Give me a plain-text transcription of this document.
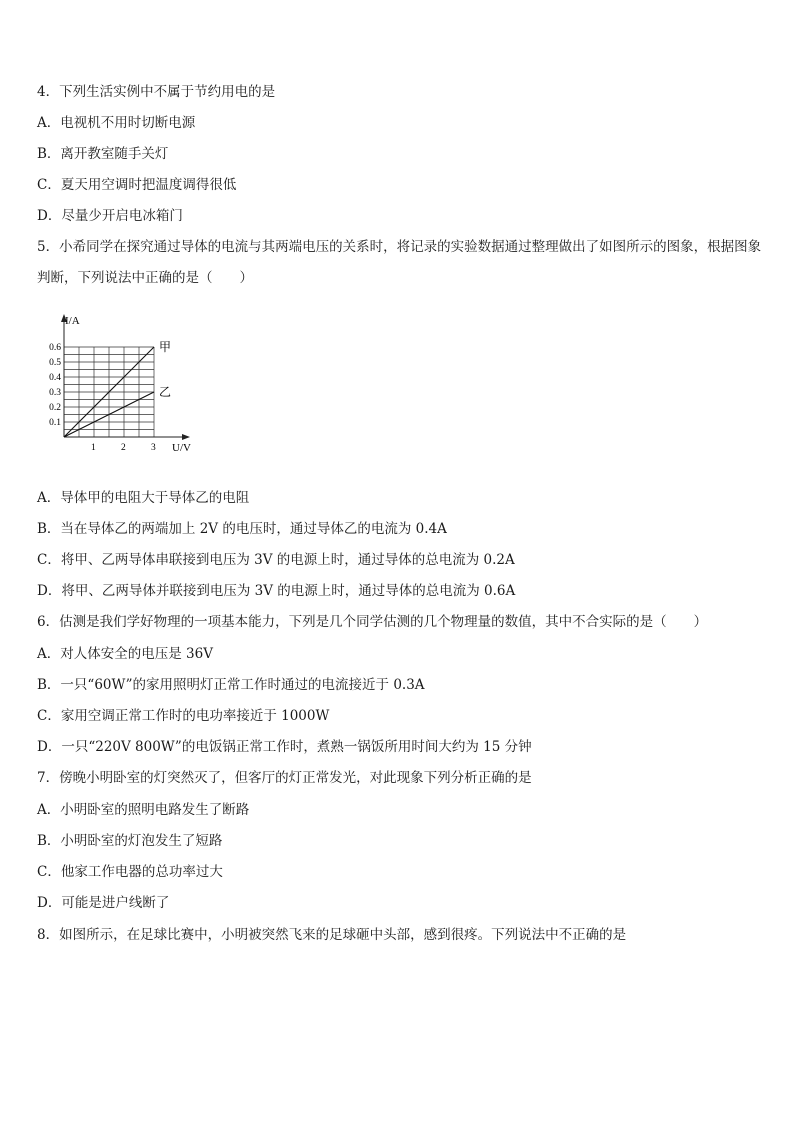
4．下列生活实例中不属于节约用电的是
A．电视机不用时切断电源
B．离开教室随手关灯
C．夏天用空调时把温度调得很低
D．尽量少开启电冰箱门
5．小希同学在探究通过导体的电流与其两端电压的关系时，将记录的实验数据通过整理做出了如图所示的图象，根据图象判断，下列说法中正确的是（　　）
I/A
U/V
1	2	3
0.1
0.2
0.3
0.4
0.5
0.6	甲
乙
A．导体甲的电阻大于导体乙的电阻
B．当在导体乙的两端加上 2V 的电压时，通过导体乙的电流为 0.4A
C．将甲、乙两导体串联接到电压为 3V 的电源上时，通过导体的总电流为 0.2A
D．将甲、乙两导体并联接到电压为 3V 的电源上时，通过导体的总电流为 0.6A
6．估测是我们学好物理的一项基本能力，下列是几个同学估测的几个物理量的数值，其中不合实际的是（　　）
A．对人体安全的电压是 36V
B．一只“60W”的家用照明灯正常工作时通过的电流接近于 0.3A
C．家用空调正常工作时的电功率接近于 1000W
D．一只“220V 800W”的电饭锅正常工作时，煮熟一锅饭所用时间大约为 15 分钟
7．傍晚小明卧室的灯突然灭了，但客厅的灯正常发光，对此现象下列分析正确的是
A．小明卧室的照明电路发生了断路
B．小明卧室的灯泡发生了短路
C．他家工作电器的总功率过大
D．可能是进户线断了
8．如图所示，在足球比赛中，小明被突然飞来的足球砸中头部，感到很疼。下列说法中不正确的是
